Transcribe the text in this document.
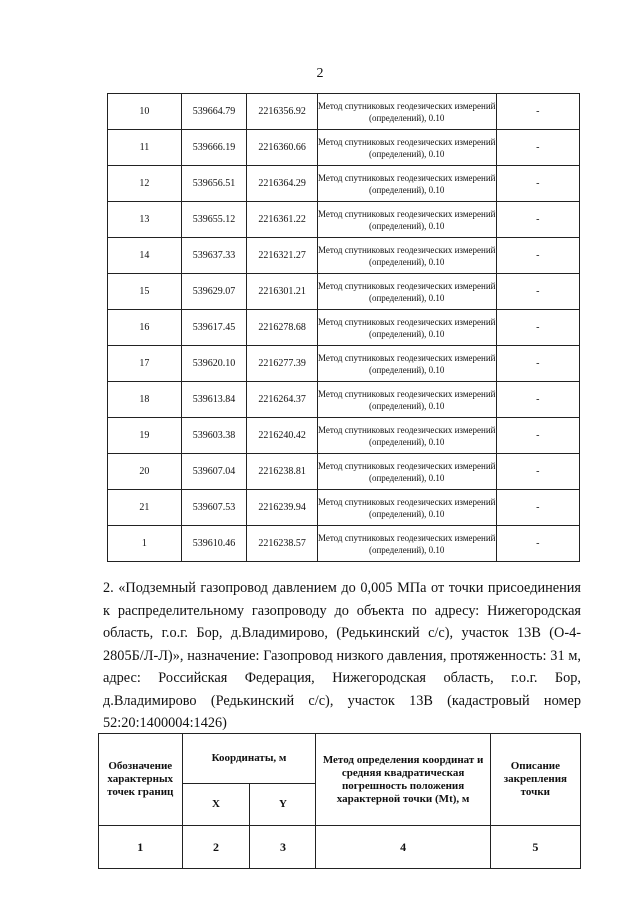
2
10	539664.79	2216356.92	Метод спутниковых геодезических измерений (определений), 0.10	-
11	539666.19	2216360.66	Метод спутниковых геодезических измерений (определений), 0.10	-
12	539656.51	2216364.29	Метод спутниковых геодезических измерений (определений), 0.10	-
13	539655.12	2216361.22	Метод спутниковых геодезических измерений (определений), 0.10	-
14	539637.33	2216321.27	Метод спутниковых геодезических измерений (определений), 0.10	-
15	539629.07	2216301.21	Метод спутниковых геодезических измерений (определений), 0.10	-
16	539617.45	2216278.68	Метод спутниковых геодезических измерений (определений), 0.10	-
17	539620.10	2216277.39	Метод спутниковых геодезических измерений (определений), 0.10	-
18	539613.84	2216264.37	Метод спутниковых геодезических измерений (определений), 0.10	-
19	539603.38	2216240.42	Метод спутниковых геодезических измерений (определений), 0.10	-
20	539607.04	2216238.81	Метод спутниковых геодезических измерений (определений), 0.10	-
21	539607.53	2216239.94	Метод спутниковых геодезических измерений (определений), 0.10	-
1	539610.46	2216238.57	Метод спутниковых геодезических измерений (определений), 0.10	-
2. «Подземный газопровод давлением до 0,005 МПа от точки присоединения к распределительному газопроводу до объекта по адресу: Нижегородская область, г.о.г. Бор, д.Владимирово, (Редькинский с/с), участок 13В (О-4-2805Б/Л-Л)», назначение: Газопровод низкого давления, протяженность: 31 м, адрес: Российская Федерация, Нижегородская область, г.о.г. Бор, д.Владимирово (Редькинский с/с), участок 13В (кадастровый номер 52:20:1400004:1426)
Обозначение характерных точек границ	Координаты, м		Метод определения координат и средняя квадратическая погрешность положения характерной точки (Mt), м	Описание закрепления точки
	X	Y		
1	2	3	4	5
